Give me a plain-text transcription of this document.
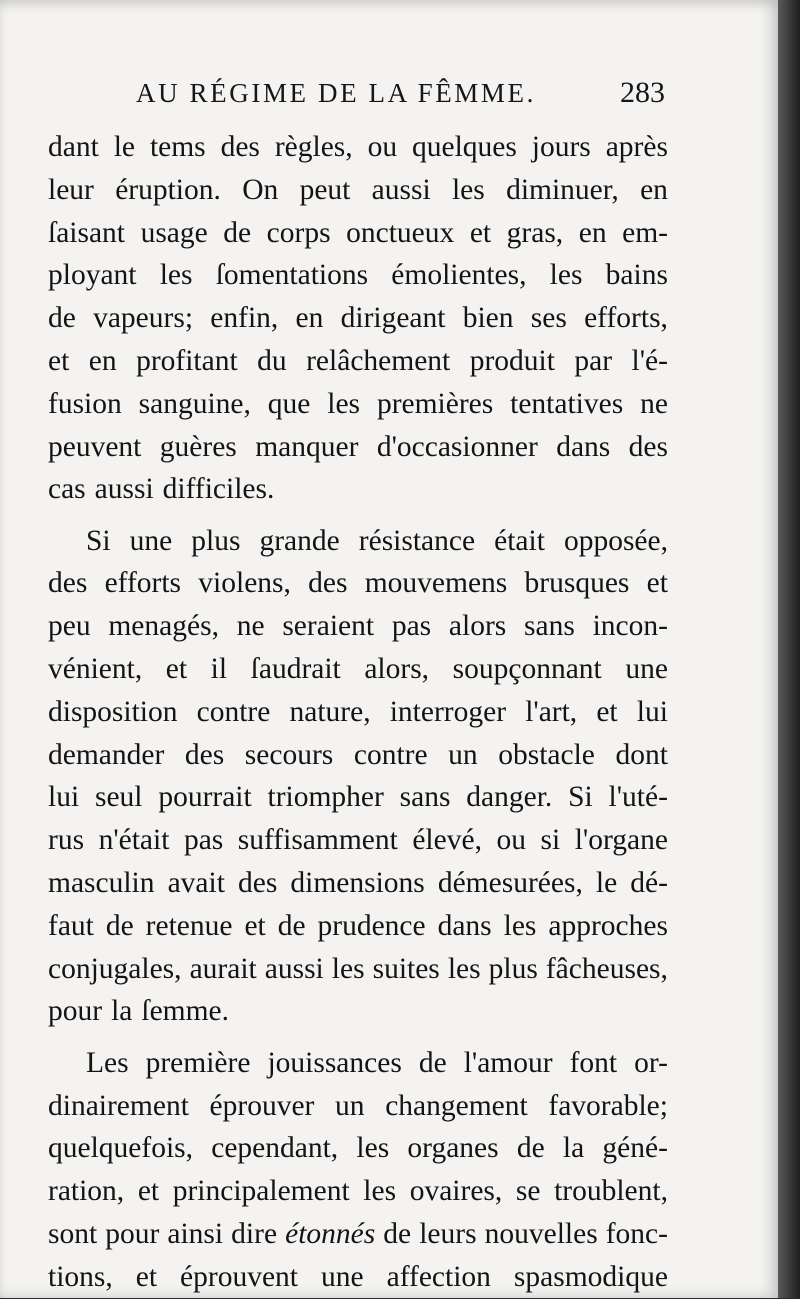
AU RÉGIME DE LA FÊMME.	283
dant le tems des règles, ou quelques jours après
leur éruption. On peut aussi les diminuer, en
ſaisant usage de corps onctueux et gras, en em-
ployant les ſomentations émolientes, les bains
de vapeurs; enfin, en dirigeant bien ses efforts,
et en profitant du relâchement produit par l'é-
fusion sanguine, que les premières tentatives ne
peuvent guères manquer d'occasionner dans des
cas aussi difficiles.
Si une plus grande résistance était opposée,
des efforts violens, des mouvemens brusques et
peu menagés, ne seraient pas alors sans incon-
vénient, et il ſaudrait alors, soupçonnant une
disposition contre nature, interroger l'art, et lui
demander des secours contre un obstacle dont
lui seul pourrait triompher sans danger. Si l'uté-
rus n'était pas suffisamment élevé, ou si l'organe
masculin avait des dimensions démesurées, le dé-
faut de retenue et de prudence dans les approches
conjugales, aurait aussi les suites les plus fâcheuses,
pour la ſemme.
Les première jouissances de l'amour font or-
dinairement éprouver un changement favorable;
quelquefois, cependant, les organes de la géné-
ration, et principalement les ovaires, se troublent,
sont pour ainsi dire étonnés de leurs nouvelles fonc-
tions, et éprouvent une affection spasmodique
